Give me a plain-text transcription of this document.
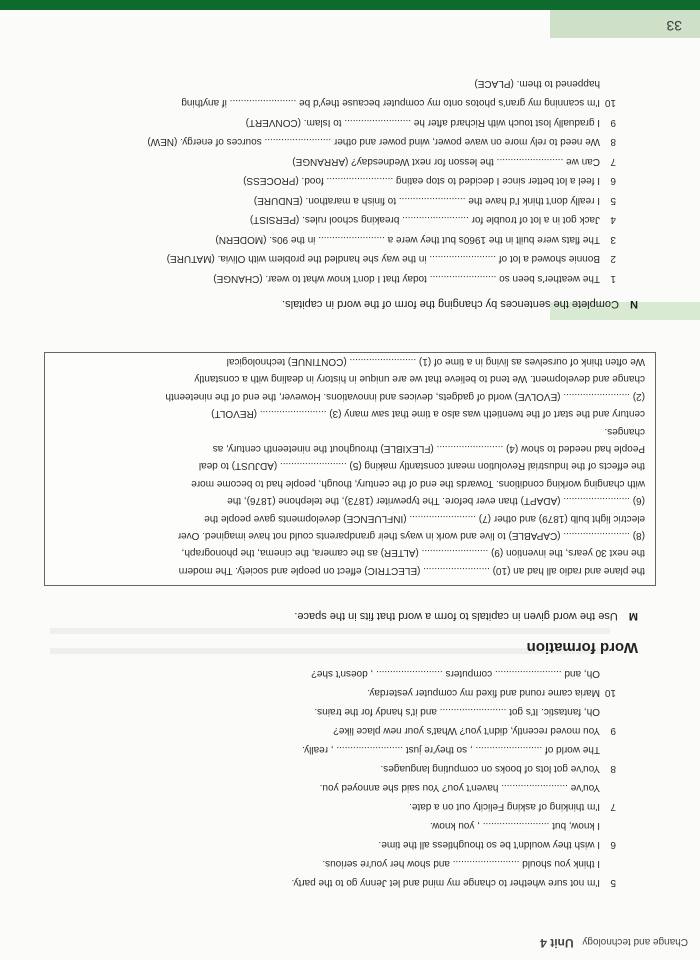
33
Change and technology Unit 4
5I'm not sure whether to change my mind and let Jenny go to the party.
I think you should ........................ and show her you're serious.
6I wish they wouldn't be so thoughtless all the time.
I know, but ........................ , you know.
7I'm thinking of asking Felicity out on a date.
You've ........................ haven't you? You said she annoyed you.
8You've got lots of books on computing languages.
The world of ........................ , so they're just ........................ , really.
9You moved recently, didn't you? What's your new place like?
Oh, fantastic. It's got ........................ and it's handy for the trains.
10Maria came round and fixed my computer yesterday.
Oh, and ........................ computers ........................ , doesn't she?
Word formation
M Use the word given in capitals to form a word that fits in the space.
We often think of ourselves as living in a time of (1) ........................ (CONTINUE) technological
change and development. We tend to believe that we are unique in history in dealing with a constantly
(2) ........................ (EVOLVE) world of gadgets, devices and innovations. However, the end of the nineteenth
century and the start of the twentieth was also a time that saw many (3) ........................ (REVOLT)
changes.
People had needed to show (4) ........................ (FLEXIBLE) throughout the nineteenth century, as
the effects of the Industrial Revolution meant constantly making (5) ........................ (ADJUST) to deal
with changing working conditions. Towards the end of the century, though, people had to become more
(6) ........................ (ADAPT) than ever before. The typewriter (1873), the telephone (1876), the
electric light bulb (1879) and other (7) ........................ (INFLUENCE) developments gave people the
(8) ........................ (CAPABLE) to live and work in ways their grandparents could not have imagined. Over
the next 30 years, the invention (9) ........................ (ALTER) as the camera, the cinema, the phonograph,
the plane and radio all had an (10) ........................ (ELECTRIC) effect on people and society. The modern
N Complete the sentences by changing the form of the word in capitals.
1The weather's been so ........................ today that I don't know what to wear. (CHANGE)
2Bonnie showed a lot of ........................ in the way she handled the problem with Olivia. (MATURE)
3The flats were built in the 1960s but they were a ........................ in the 90s. (MODERN)
4Jack got in a lot of trouble for ........................ breaking school rules. (PERSIST)
5I really don't think I'd have the ........................ to finish a marathon. (ENDURE)
6I feel a lot better since I decided to stop eating ........................ food. (PROCESS)
7Can we ........................ the lesson for next Wednesday? (ARRANGE)
8We need to rely more on wave power, wind power and other ........................ sources of energy. (NEW)
9I gradually lost touch with Richard after he ........................ to Islam. (CONVERT)
10I'm scanning my gran's photos onto my computer because they'd be ........................ if anything
happened to them. (PLACE)
